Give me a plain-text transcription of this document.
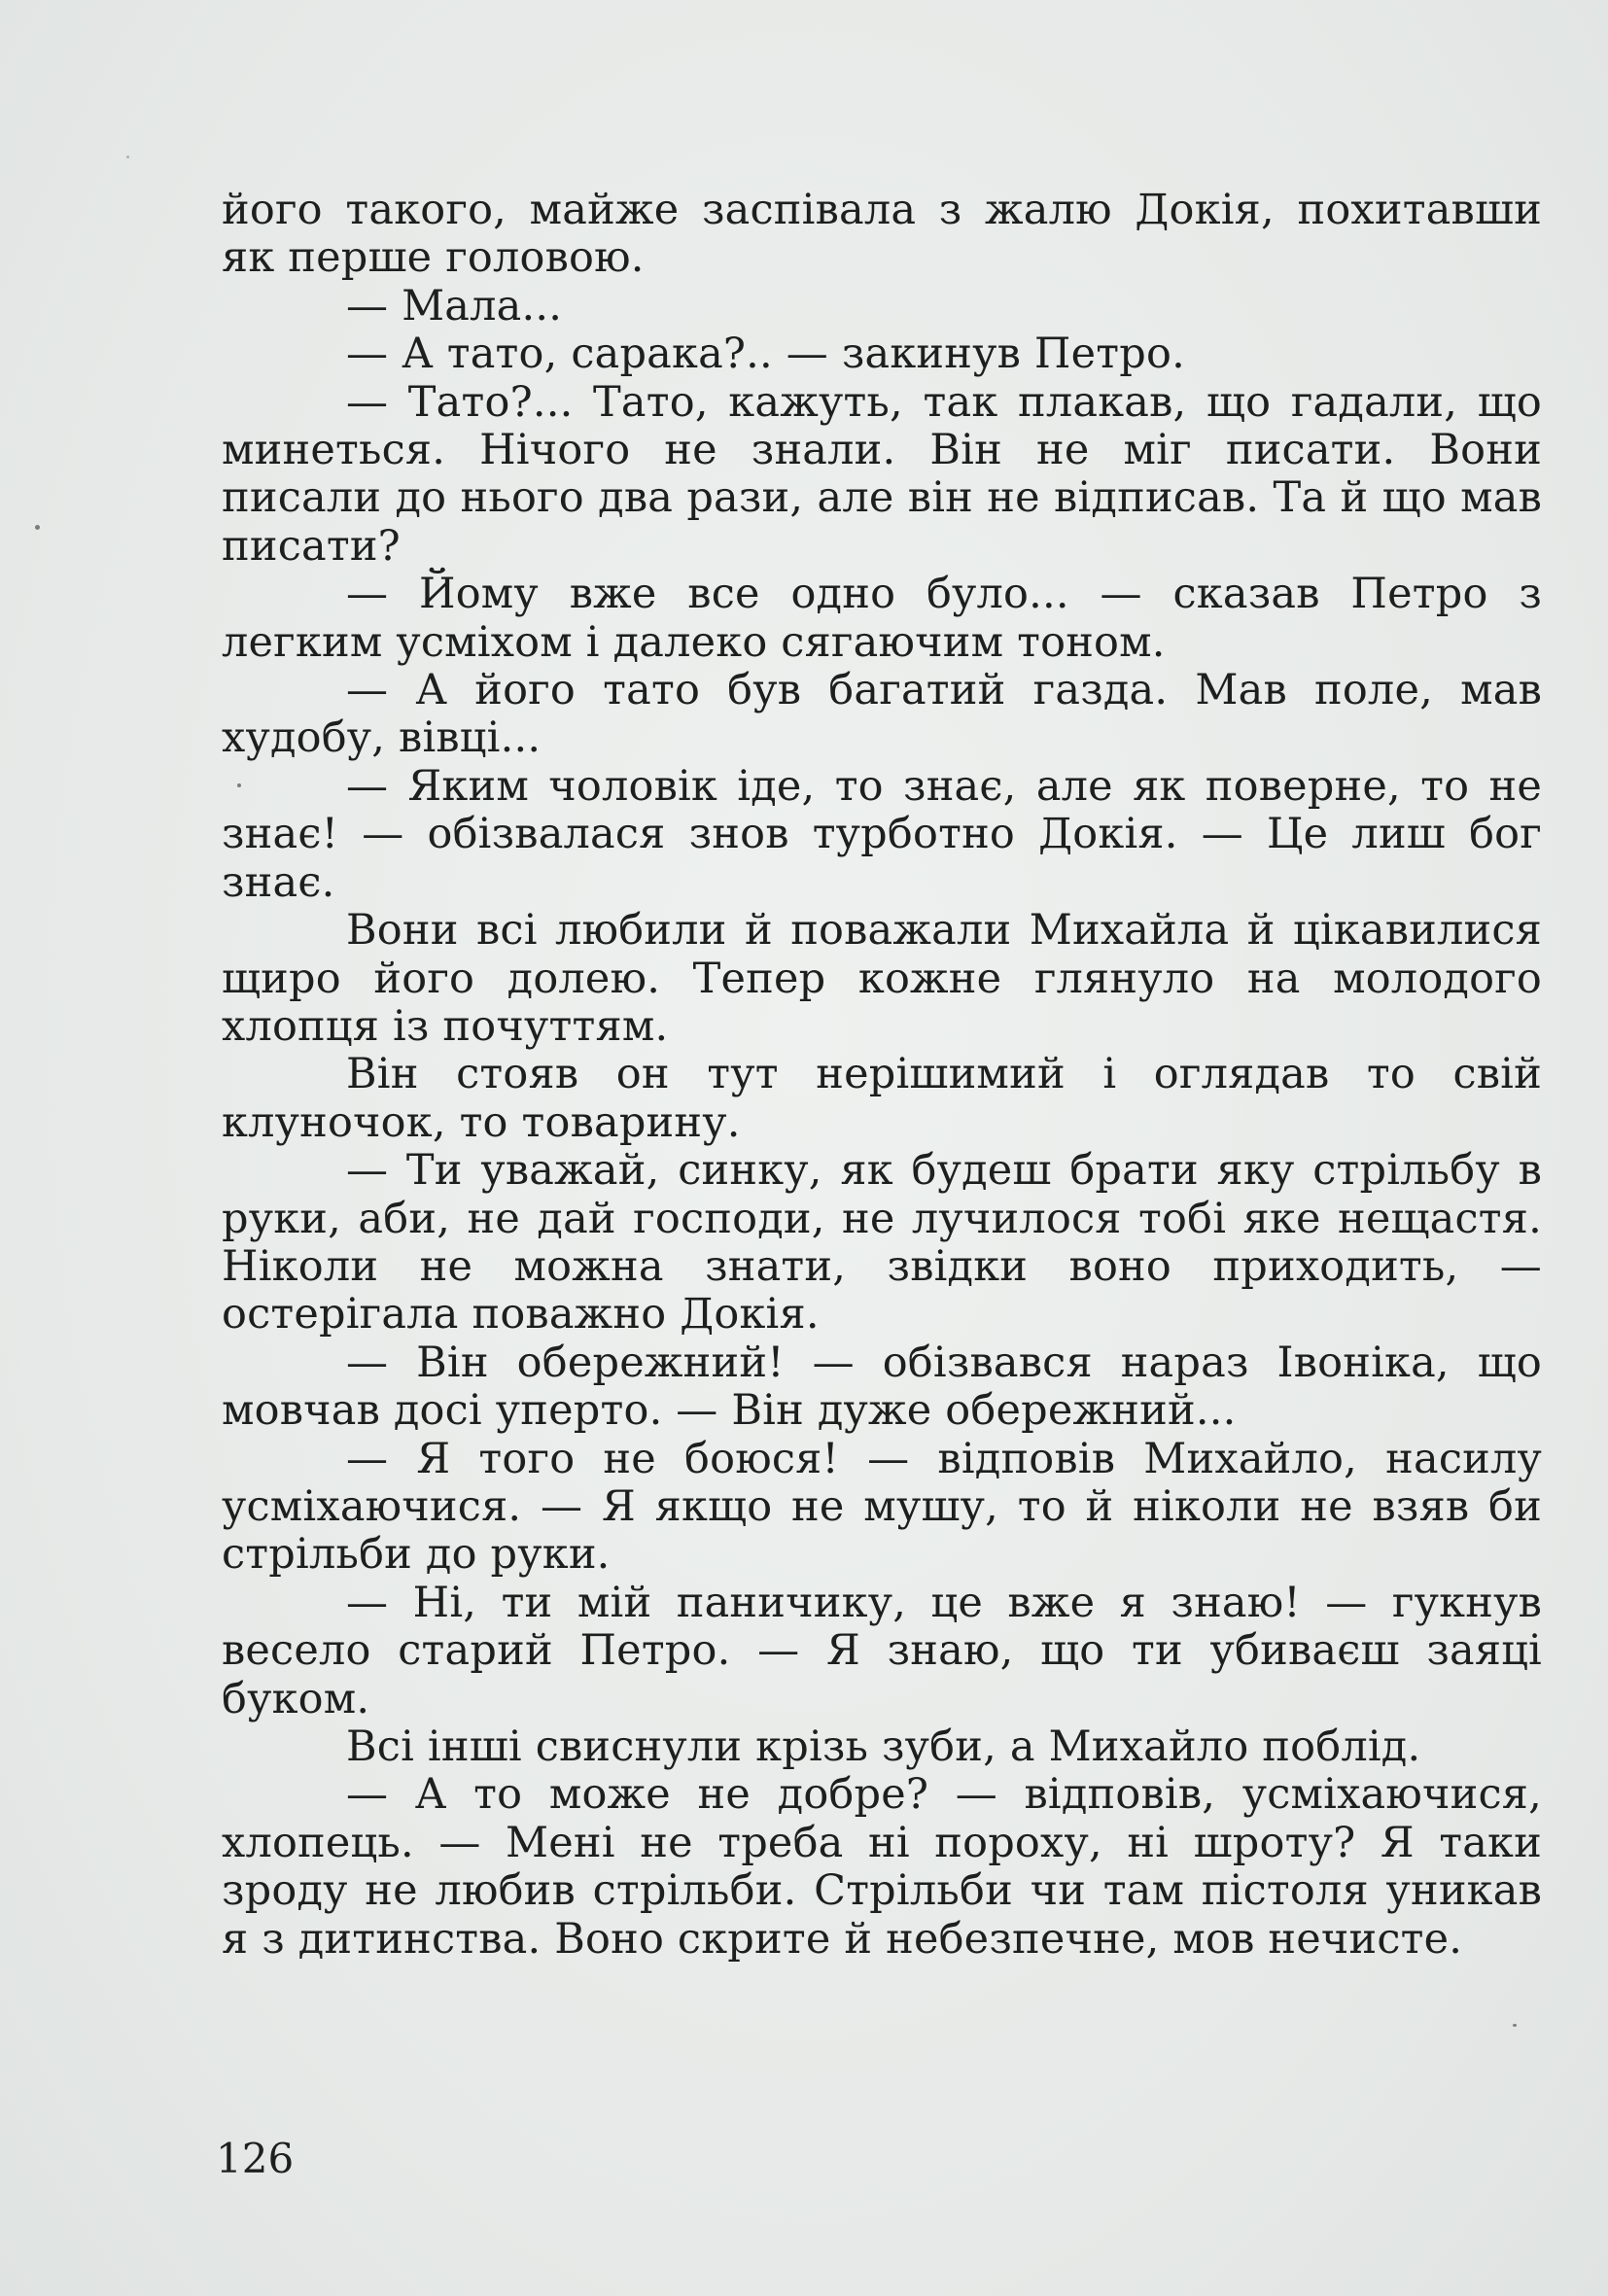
його такого, майже заспівала з жалю Докія, похитавши як перше головою.

— Мала...

— А тато, сарака?.. — закинув Петро.

— Тато?... Тато, кажуть, так плакав, що гадали, що минеться. Нічого не знали. Він не міг писати. Вони писали до нього два рази, але він не відписав. Та й що мав писати?

— Йому вже все одно було... — сказав Петро з легким усміхом і далеко сягаючим тоном.

— А його тато був багатий газда. Мав поле, мав худобу, вівці...

— Яким чоловік іде, то знає, але як поверне, то не знає! — обізвалася знов турботно Докія. — Це лиш бог знає.

Вони всі любили й поважали Михайла й цікавилися щиро його долею. Тепер кожне глянуло на молодого хлопця із почуттям.

Він стояв он тут нерішимий і оглядав то свій клуночок, то товарину.

— Ти уважай, синку, як будеш брати яку стрільбу в руки, аби, не дай господи, не лучилося тобі яке нещастя. Ніколи не можна знати, звідки воно приходить, — остерігала поважно Докія.

— Він обережний! — обізвався нараз Івоніка, що мовчав досі уперто. — Він дуже обережний...

— Я того не боюся! — відповів Михайло, насилу усміхаючися. — Я якщо не мушу, то й ніколи не взяв би стрільби до руки.

— Ні, ти мій паничику, це вже я знаю! — гукнув весело старий Петро. — Я знаю, що ти убиваєш заяці буком.

Всі інші свиснули крізь зуби, а Михайло поблід.

— А то може не добре? — відповів, усміхаючися, хлопець. — Мені не треба ні пороху, ні шроту? Я таки зроду не любив стрільби. Стрільби чи там пістоля уникав я з дитинства. Воно скрите й небезпечне, мов нечисте.

126
